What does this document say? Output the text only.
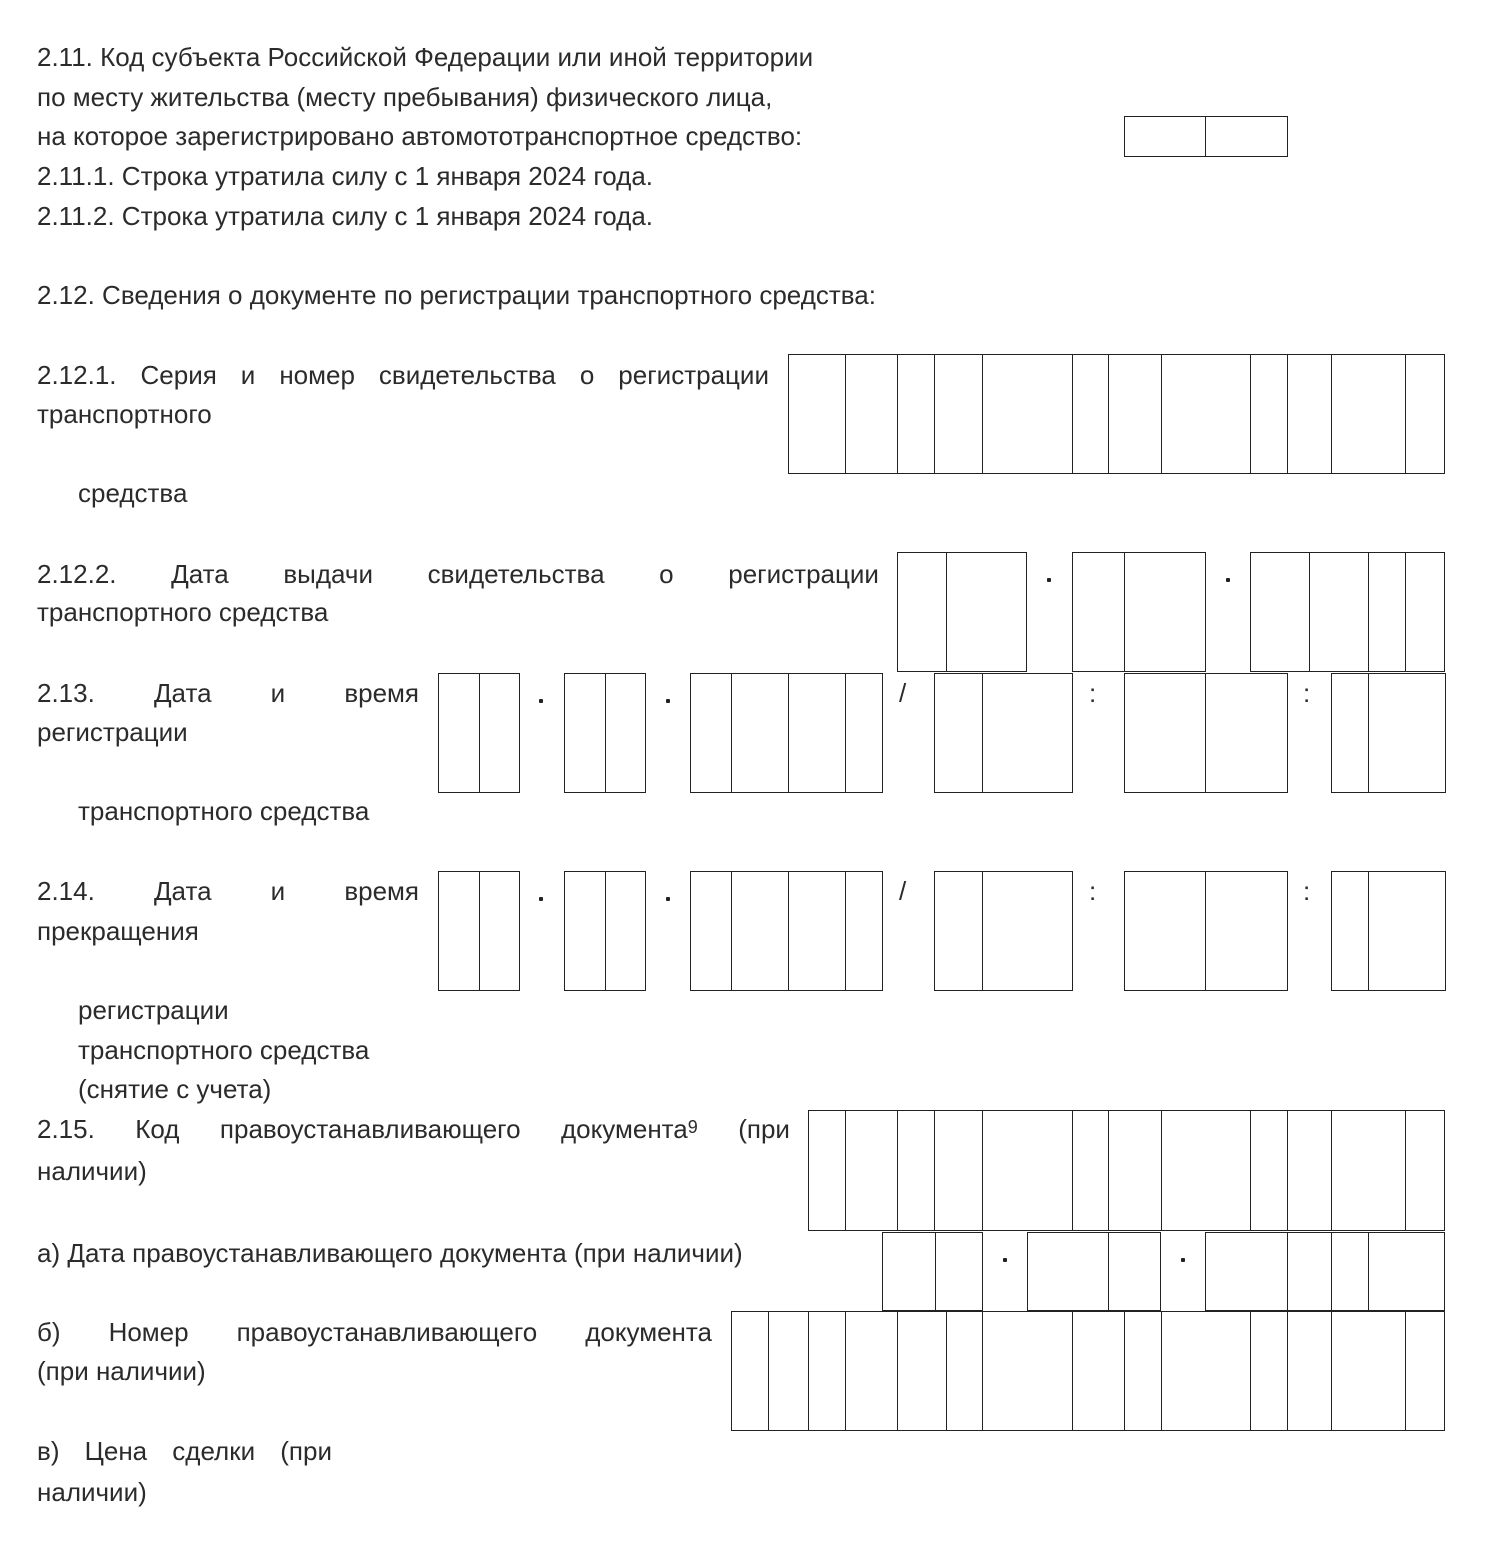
2.11. Код субъекта Российской Федерации или иной территории
по месту жительства (месту пребывания) физического лица,
на которое зарегистрировано автомототранспортное средство:
2.11.1. Строка утратила силу с 1 января 2024 года.
2.11.2. Строка утратила силу с 1 января 2024 года.
2.12. Сведения о документе по регистрации транспортного средства:
2.12.1. Серия и номер свидетельства о регистрации
транспортного
средства
2.12.2. Дата выдачи свидетельства о регистрации
транспортного средства
2.13. Дата и время
регистрации
транспортного средства
/	:	:
2.14. Дата и время
прекращения
регистрации
транспортного средства
(снятие с учета)
/	:	:
2.15. Код правоустанавливающего документа$^9$ (при
наличии)
а) Дата правоустанавливающего документа (при наличии)
б) Номер правоустанавливающего документа
(при наличии)
в) Цена сделки (при
наличии)
